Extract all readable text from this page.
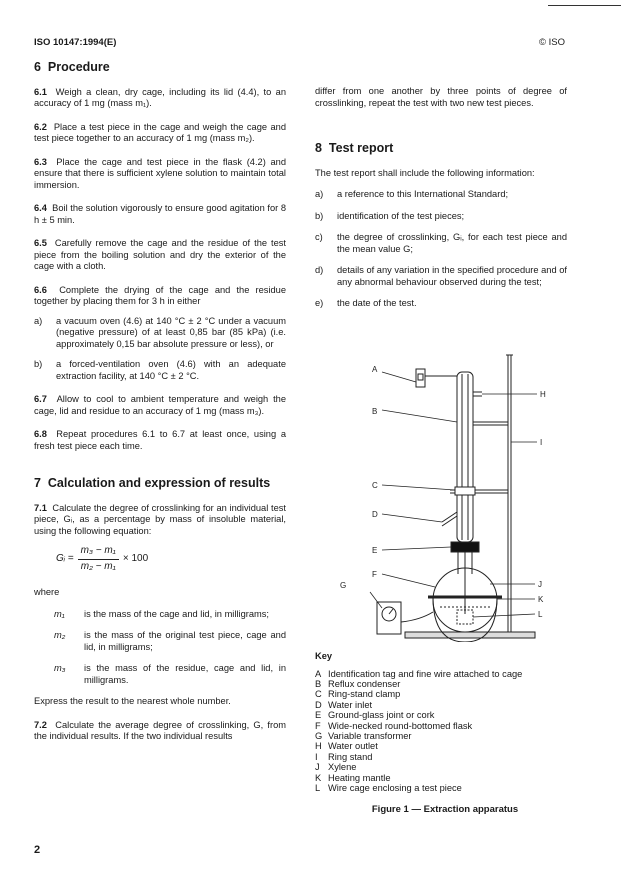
ISO 10147:1994(E)	© ISO
6 Procedure

6.1 Weigh a clean, dry cage, including its lid (4.4), to an accuracy of 1 mg (mass m₁).

6.2 Place a test piece in the cage and weigh the cage and test piece together to an accuracy of 1 mg (mass m₂).

6.3 Place the cage and test piece in the flask (4.2) and ensure that there is sufficient xylene solution to maintain total immersion.

6.4 Boil the solution vigorously to ensure good agitation for 8 h ± 5 min.

6.5 Carefully remove the cage and the residue of the test piece from the boiling solution and dry the exterior of the cage with a cloth.

6.6 Complete the drying of the cage and the residue together by placing them for 3 h in either

a)	a vacuum oven (4.6) at 140 °C ± 2 °C under a vacuum (negative pressure) of at least 0,85 bar (85 kPa) (i.e. approximately 0,15 bar absolute pressure or less), or
b)	a forced-ventilation oven (4.6) with an adequate extraction facility, at 140 °C ± 2 °C.

6.7 Allow to cool to ambient temperature and weigh the cage, lid and residue to an accuracy of 1 mg (mass m₃).

6.8 Repeat procedures 6.1 to 6.7 at least once, using a fresh test piece each time.

7 Calculation and expression of results

7.1 Calculate the degree of crosslinking for an individual test piece, Gᵢ, as a percentage by mass of insoluble material, using the following equation:

Gᵢ = $\frac{\text{m₃ − m₁}}{\text{m₂ − m₁}} \times 100$

where

m₁	is the mass of the cage and lid, in milligrams;
m₂	is the mass of the original test piece, cage and lid, in milligrams;
m₃	is the mass of the residue, cage and lid, in milligrams.

Express the result to the nearest whole number.

7.2 Calculate the average degree of crosslinking, G, from the individual results. If the two individual results

differ from one another by three points of degree of crosslinking, repeat the test with two new test pieces.

8 Test report

The test report shall include the following information:

a)	a reference to this International Standard;
b)	identification of the test pieces;
c)	the degree of crosslinking, Gᵢ, for each test piece and the mean value G;
d)	details of any variation in the specified procedure and of any abnormal behaviour observed during the test;
e)	the date of the test.
A
B
C
D
E
F
G
H
I
J
K
L
Key
A Identification tag and fine wire attached to cage
B Reflux condenser
C Ring-stand clamp
D Water inlet
E Ground-glass joint or cork
F Wide-necked round-bottomed flask
G Variable transformer
H Water outlet
I	Ring stand
J Xylene
K Heating mantle
L Wire cage enclosing a test piece
Figure 1 — Extraction apparatus
2
